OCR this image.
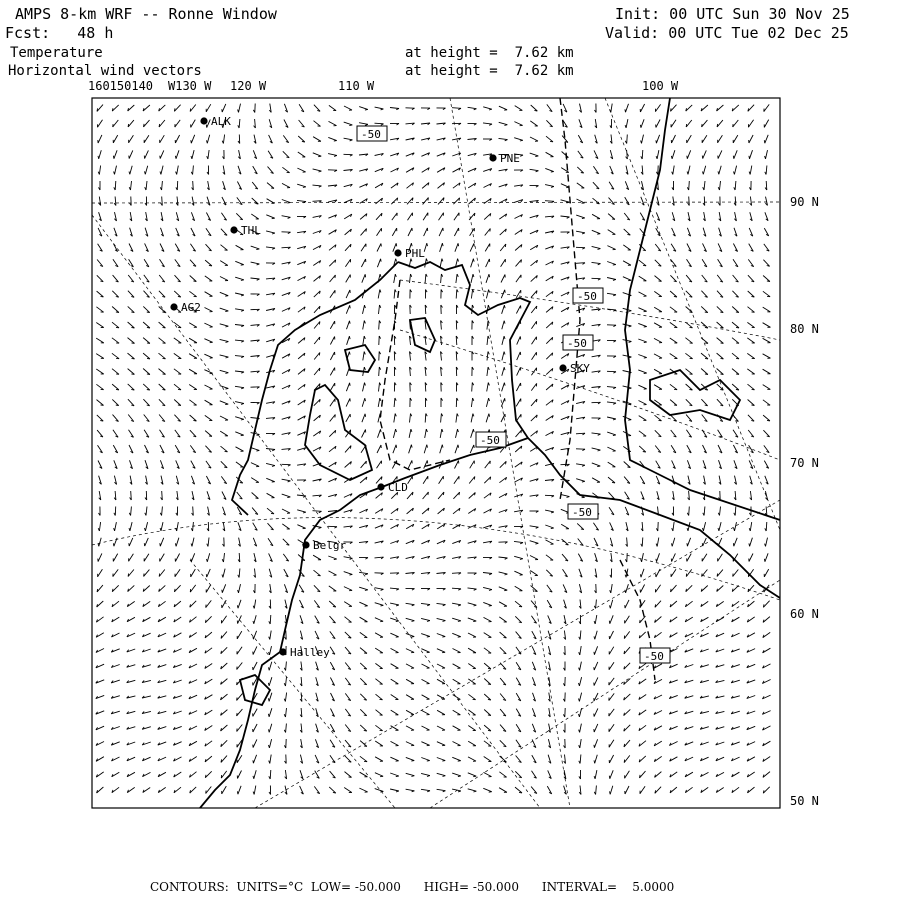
AMPS 8-km WRF -- Ronne Window
Fcst:   48 h
Temperature
Horizontal wind vectors
at height =  7.62 km
at height =  7.62 km
Init: 00 UTC Sun 30 Nov 25
Valid: 00 UTC Tue 02 Dec 25
90 N
80 N
70 N
60 N
50 N
160150140 W130 W 120 W	110 W	100 W
ALK
PNE
THL
PHL
AG2
SKY
CLD
Belgr
Halley
-50
-50
-50
-50
-50
-50
CONTOURS:  UNITS=°C  LOW= -50.000      HIGH= -50.000      INTERVAL=    5.0000
